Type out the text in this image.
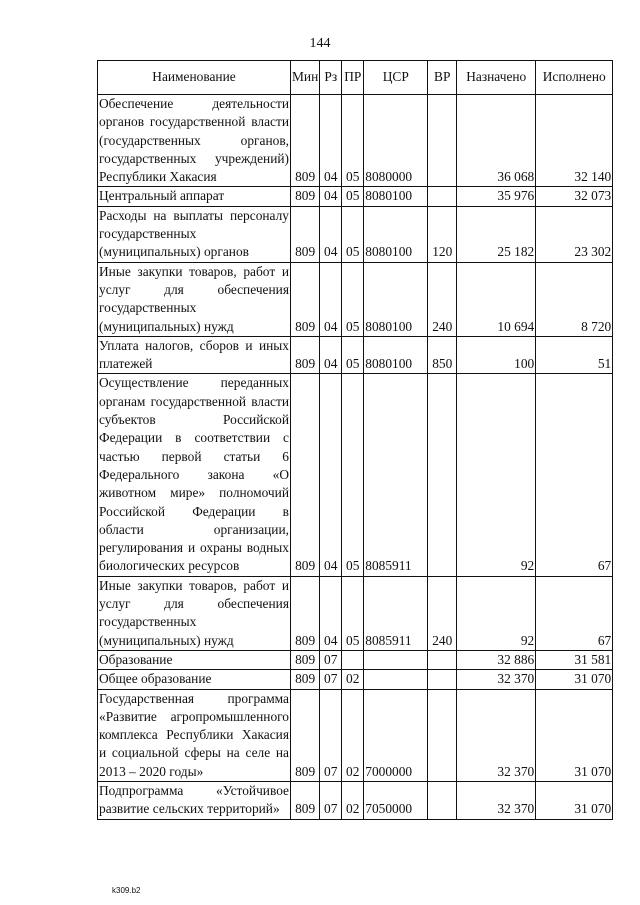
144
Наименование	Мин	Рз	ПР	ЦСР	ВР	Назначено	Исполнено
Обеспечение деятельности органов государственной власти (государственных органов, государственных учреждений) Республики Хакасия	809	04	05	8080000		36 068	32 140
Центральный аппарат	809	04	05	8080100		35 976	32 073
Расходы на выплаты персоналу государственных (муниципальных) органов	809	04	05	8080100	120	25 182	23 302
Иные закупки товаров, работ и услуг для обеспечения государственных (муниципальных) нужд	809	04	05	8080100	240	10 694	8 720
Уплата налогов, сборов и иных платежей	809	04	05	8080100	850	100	51
Осуществление переданных органам государственной власти субъектов Российской Федерации в соответствии с частью первой статьи 6 Федерального закона «О животном мире» полномочий Российской Федерации в области организации, регулирования и охраны водных биологических ресурсов	809	04	05	8085911		92	67
Иные закупки товаров, работ и услуг для обеспечения государственных (муниципальных) нужд	809	04	05	8085911	240	92	67
Образование	809	07				32 886	31 581
Общее образование	809	07	02			32 370	31 070
Государственная программа «Развитие агропромышленного комплекса Республики Хакасия и социальной сферы на селе на 2013 – 2020 годы»	809	07	02	7000000		32 370	31 070
Подпрограмма «Устойчивое развитие сельских территорий»	809	07	02	7050000		32 370	31 070
k309.b2
